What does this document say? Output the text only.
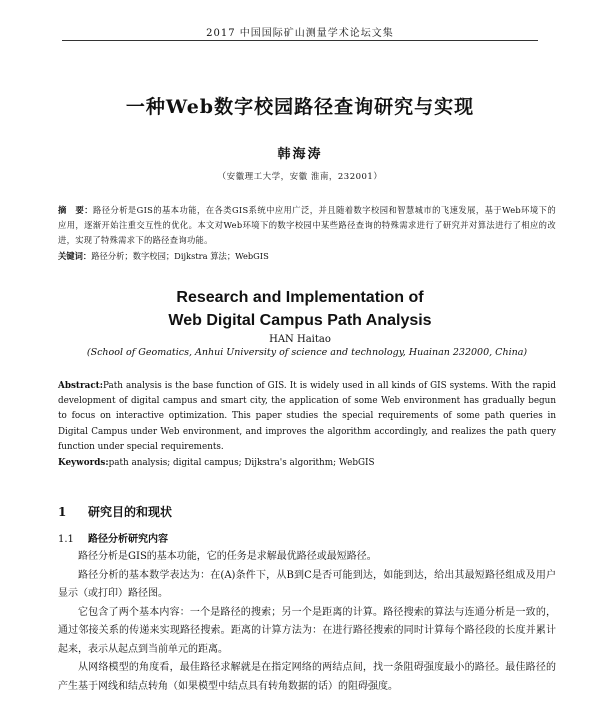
2017 中国国际矿山测量学术论坛文集
一种Web数字校园路径查询研究与实现
韩海涛
（安徽理工大学，安徽 淮南，232001）
摘　要：路径分析是GIS的基本功能，在各类GIS系统中应用广泛，并且随着数字校园和智慧城市的飞速发展，基于Web环境下的应用，逐渐开始注重交互性的优化。本文对Web环境下的数字校园中某些路径查询的特殊需求进行了研究并对算法进行了相应的改进，实现了特殊需求下的路径查询功能。
关键词：路径分析；数字校园；Dijkstra 算法；WebGIS
Research and Implementation of
Web Digital Campus Path Analysis
HAN Haitao
(School of Geomatics, Anhui University of science and technology, Huainan 232000, China)
Abstract:Path analysis is the base function of GIS. It is widely used in all kinds of GIS systems. With the rapid development of digital campus and smart city, the application of some Web environment has gradually begun to focus on interactive optimization. This paper studies the special requirements of some path queries in Digital Campus under Web environment, and improves the algorithm accordingly, and realizes the path query function under special requirements.
Keywords:path analysis; digital campus; Dijkstra's algorithm; WebGIS
1 研究目的和现状
1.1 路径分析研究内容

路径分析是GIS的基本功能，它的任务是求解最优路径或最短路径。

路径分析的基本数学表达为：在(A)条件下，从B到C是否可能到达，如能到达，给出其最短路径组成及用户显示（或打印）路径图。

它包含了两个基本内容：一个是路径的搜索；另一个是距离的计算。路径搜索的算法与连通分析是一致的，通过邻接关系的传递来实现路径搜索。距离的计算方法为：在进行路径搜索的同时计算每个路径段的长度并累计起来，表示从起点到当前单元的距离。

从网络模型的角度看，最佳路径求解就是在指定网络的两结点间，找一条阻碍强度最小的路径。最佳路径的产生基于网线和结点转角（如果模型中结点具有转角数据的话）的阻碍强度。
